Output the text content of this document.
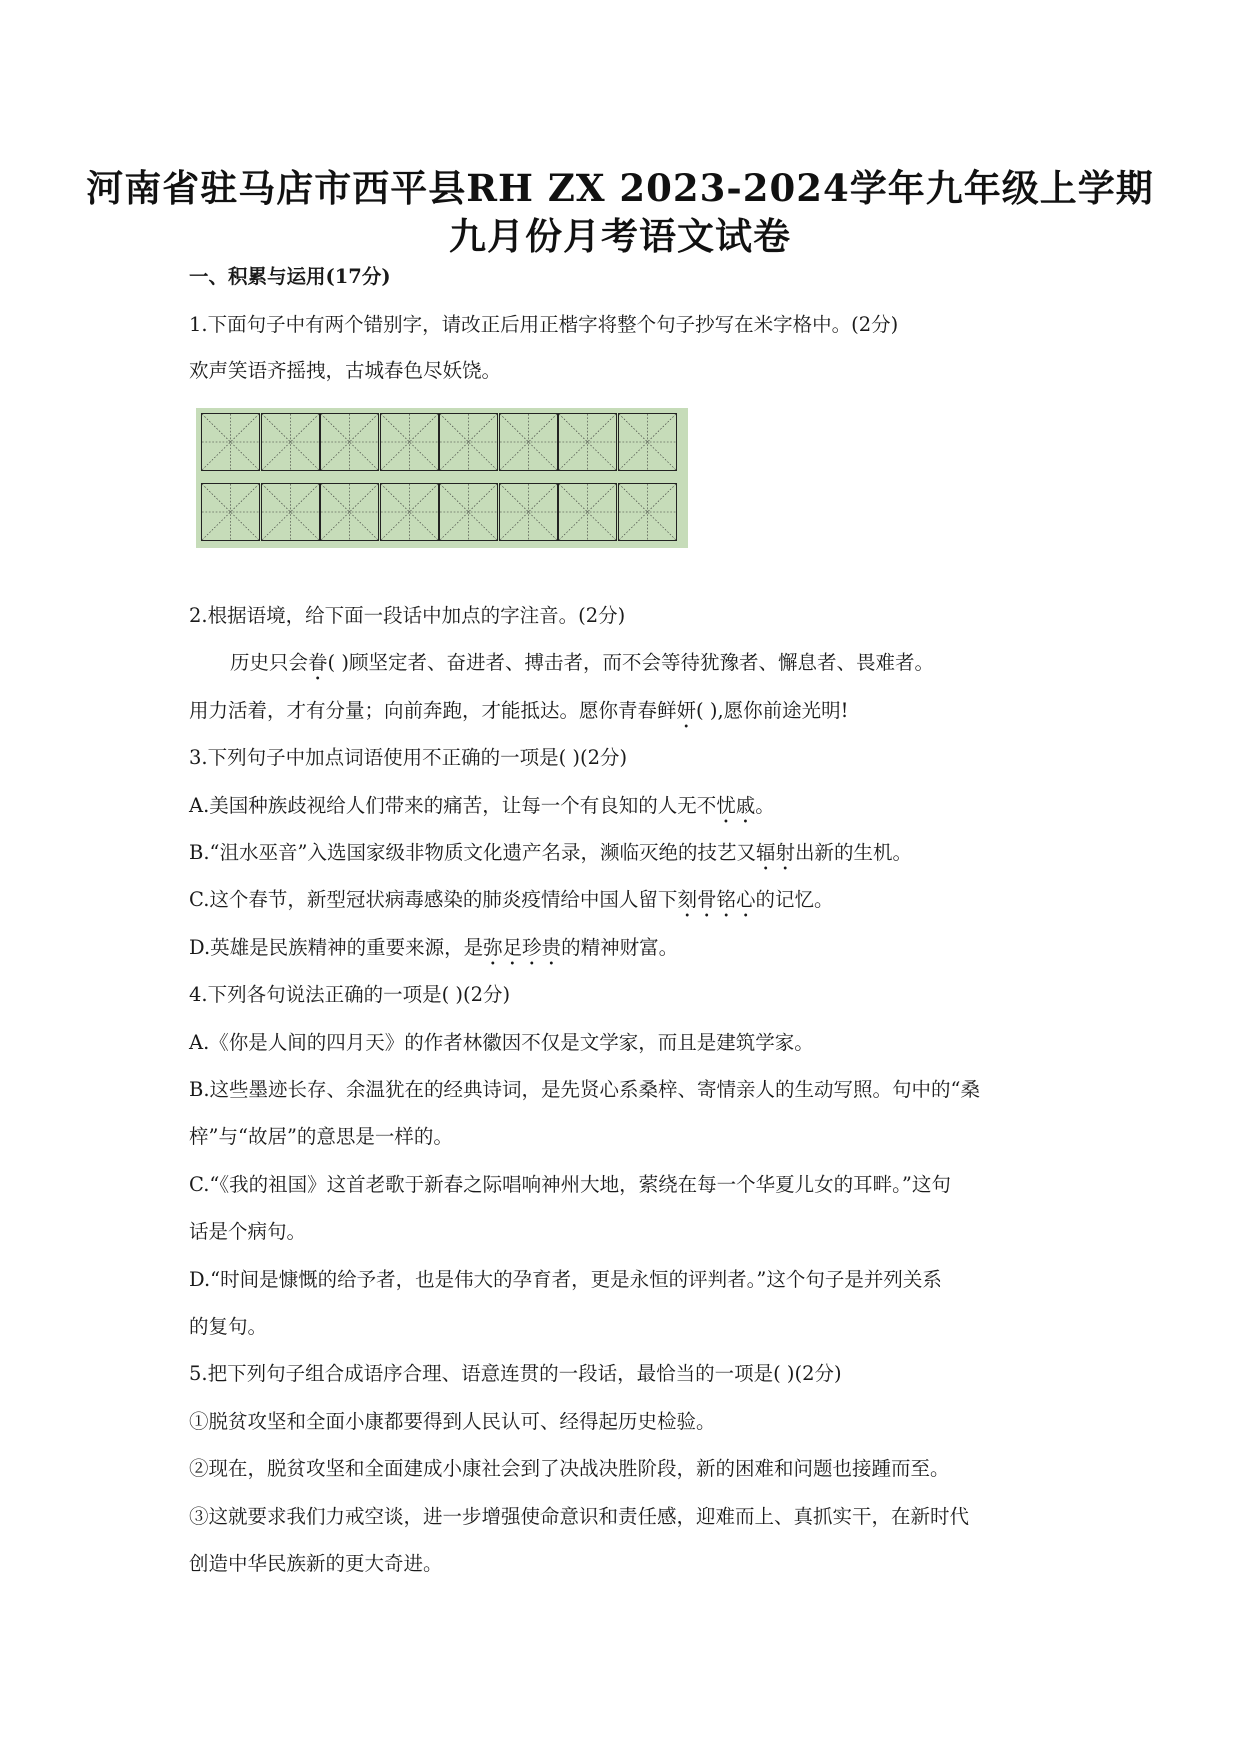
河南省驻马店市西平县RH ZX 2023-2024学年九年级上学期
九月份月考语文试卷
一、积累与运用(17分)
1.下面句子中有两个错别字，请改正后用正楷字将整个句子抄写在米字格中。(2分)
欢声笑语齐摇拽，古城春色尽妖饶。
2.根据语境，给下面一段话中加点的字注音。(2分)
历史只会眷( )顾坚定者、奋进者、搏击者，而不会等待犹豫者、懈息者、畏难者。
用力活着，才有分量；向前奔跑，才能抵达。愿你青春鲜妍( ),愿你前途光明!
3.下列句子中加点词语使用不正确的一项是( )(2分)
A.美国种族歧视给人们带来的痛苦，让每一个有良知的人无不忧戚。
B.“沮水巫音”入选国家级非物质文化遗产名录，濒临灭绝的技艺又辐射出新的生机。
C.这个春节，新型冠状病毒感染的肺炎疫情给中国人留下刻骨铭心的记忆。
D.英雄是民族精神的重要来源，是弥足珍贵的精神财富。
4.下列各句说法正确的一项是( )(2分)
A.《你是人间的四月天》的作者林徽因不仅是文学家，而且是建筑学家。
B.这些墨迹长存、余温犹在的经典诗词，是先贤心系桑梓、寄情亲人的生动写照。句中的“桑
梓”与“故居”的意思是一样的。
C.“《我的祖国》这首老歌于新春之际唱响神州大地，萦绕在每一个华夏儿女的耳畔。”这句
话是个病句。
D.“时间是慷慨的给予者，也是伟大的孕育者，更是永恒的评判者。”这个句子是并列关系
的复句。
5.把下列句子组合成语序合理、语意连贯的一段话，最恰当的一项是( )(2分)
①脱贫攻坚和全面小康都要得到人民认可、经得起历史检验。
②现在，脱贫攻坚和全面建成小康社会到了决战决胜阶段，新的困难和问题也接踵而至。
③这就要求我们力戒空谈，进一步增强使命意识和责任感，迎难而上、真抓实干，在新时代
创造中华民族新的更大奇进。
